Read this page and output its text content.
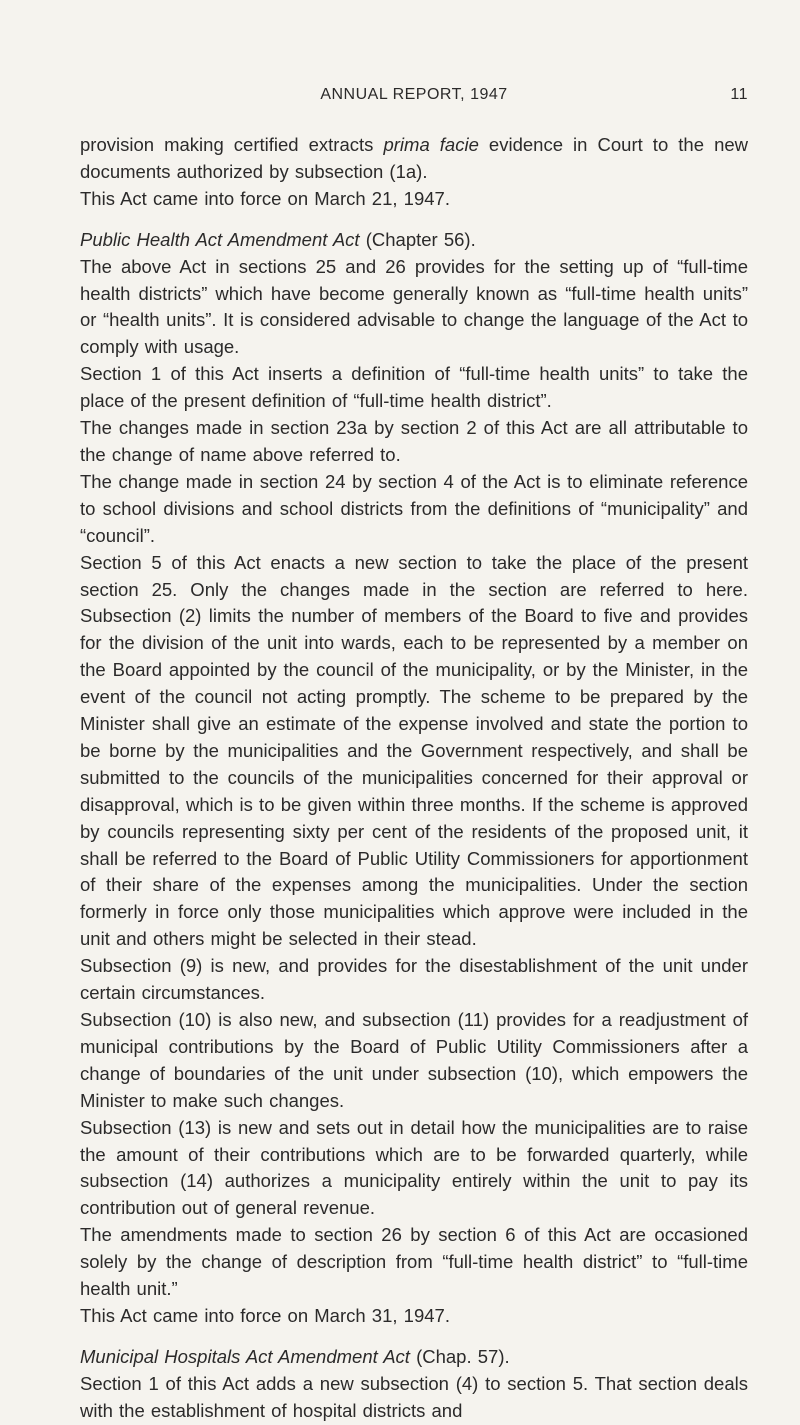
ANNUAL REPORT, 1947	11

provision making certified extracts prima facie evidence in Court to the new documents authorized by subsection (1a).

This Act came into force on March 21, 1947.

Public Health Act Amendment Act (Chapter 56).

The above Act in sections 25 and 26 provides for the setting up of “full-time health districts” which have become generally known as “full-time health units” or “health units”. It is considered advisable to change the language of the Act to comply with usage.

Section 1 of this Act inserts a definition of “full-time health units” to take the place of the present definition of “full-time health district”.

The changes made in section 23a by section 2 of this Act are all attributable to the change of name above referred to.

The change made in section 24 by section 4 of the Act is to eliminate reference to school divisions and school districts from the definitions of “municipality” and “council”.

Section 5 of this Act enacts a new section to take the place of the present section 25. Only the changes made in the section are referred to here. Subsection (2) limits the number of members of the Board to five and provides for the division of the unit into wards, each to be represented by a member on the Board appointed by the council of the municipality, or by the Minister, in the event of the council not acting promptly. The scheme to be prepared by the Minister shall give an estimate of the expense involved and state the portion to be borne by the municipalities and the Government respectively, and shall be submitted to the councils of the municipalities concerned for their approval or disapproval, which is to be given within three months. If the scheme is approved by councils representing sixty per cent of the residents of the proposed unit, it shall be referred to the Board of Public Utility Commissioners for apportionment of their share of the expenses among the municipalities. Under the section formerly in force only those municipalities which approve were included in the unit and others might be selected in their stead.

Subsection (9) is new, and provides for the disestablishment of the unit under certain circumstances.

Subsection (10) is also new, and subsection (11) provides for a readjustment of municipal contributions by the Board of Public Utility Commissioners after a change of boundaries of the unit under subsection (10), which empowers the Minister to make such changes.

Subsection (13) is new and sets out in detail how the municipalities are to raise the amount of their contributions which are to be forwarded quarterly, while subsection (14) authorizes a municipality entirely within the unit to pay its contribution out of general revenue.

The amendments made to section 26 by section 6 of this Act are occasioned solely by the change of description from “full-time health district” to “full-time health unit.”

This Act came into force on March 31, 1947.

Municipal Hospitals Act Amendment Act (Chap. 57).

Section 1 of this Act adds a new subsection (4) to section 5. That section deals with the establishment of hospital districts and
